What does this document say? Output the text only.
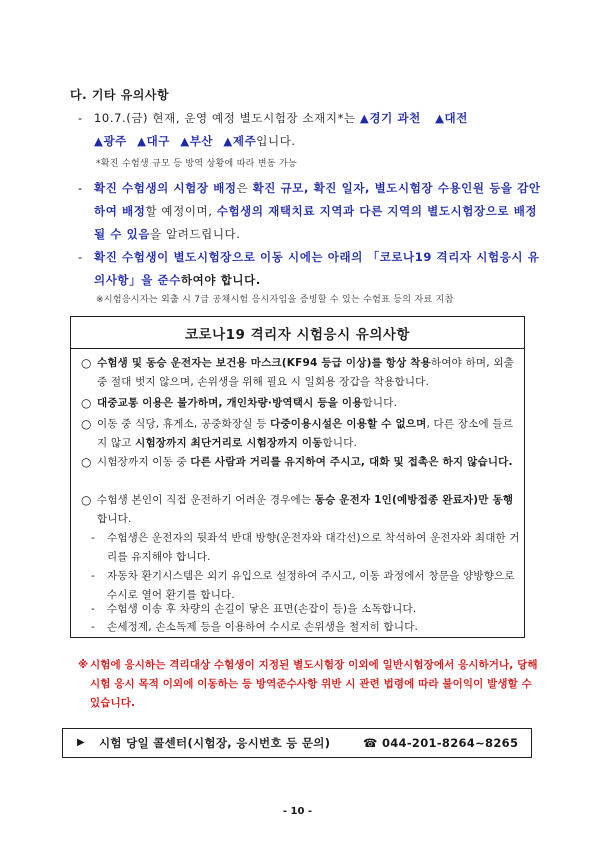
다. 기타 유의사항
- 10.7.(금) 현재, 운영 예정 별도시험장 소재지*는 ▲경기 과천 ▲대전
▲광주 ▲대구 ▲부산 ▲제주입니다.
*확진 수험생 규모 등 방역 상황에 따라 변동 가능
- 확진 수험생의 시험장 배정은 확진 규모, 확진 일자, 별도시험장 수용인원 등을 감안하여 배정할 예정이며, 수험생의 재택치료 지역과 다른 지역의 별도시험장으로 배정될 수 있음을 알려드립니다.
- 확진 수험생이 별도시험장으로 이동 시에는 아래의 「코로나19 격리자 시험응시 유의사항」을 준수하여야 합니다.
※시험응시자는 외출 시 7급 공채시험 응시자임을 증빙할 수 있는 수험표 등의 자료 지참
코로나19 격리자 시험응시 유의사항
○ 수험생 및 동승 운전자는 보건용 마스크(KF94 등급 이상)를 항상 착용하여야 하며, 외출 중 절대 벗지 않으며, 손위생을 위해 필요 시 일회용 장갑을 착용합니다.
○ 대중교통 이용은 불가하며, 개인차량·방역택시 등을 이용합니다.
○ 이동 중 식당, 휴게소, 공중화장실 등 다중이용시설은 이용할 수 없으며, 다른 장소에 들르지 않고 시험장까지 최단거리로 시험장까지 이동합니다.
○ 시험장까지 이동 중 다른 사람과 거리를 유지하여 주시고, 대화 및 접촉은 하지 않습니다.
○ 수험생 본인이 직접 운전하기 어려운 경우에는 동승 운전자 1인(예방접종 완료자)만 동행합니다.
- 수험생은 운전자의 뒷좌석 반대 방향(운전자와 대각선)으로 착석하여 운전자와 최대한 거리를 유지해야 합니다.
- 자동차 환기시스템은 외기 유입으로 설정하여 주시고, 이동 과정에서 창문을 양방향으로 수시로 열어 환기를 합니다.
- 수험생 이송 후 차량의 손길이 닿은 표면(손잡이 등)을 소독합니다.
- 손세정제, 손소독제 등을 이용하여 수시로 손위생을 철저히 합니다.
※ 시험에 응시하는 격리대상 수험생이 지정된 별도시험장 이외에 일반시험장에서 응시하거나, 당해 시험 응시 목적 이외에 이동하는 등 방역준수사항 위반 시 관련 법령에 따라 불이익이 발생할 수 있습니다.
▶ 시험 당일 콜센터(시험장, 응시번호 등 문의)	☎ 044-201-8264~8265
- 10 -
